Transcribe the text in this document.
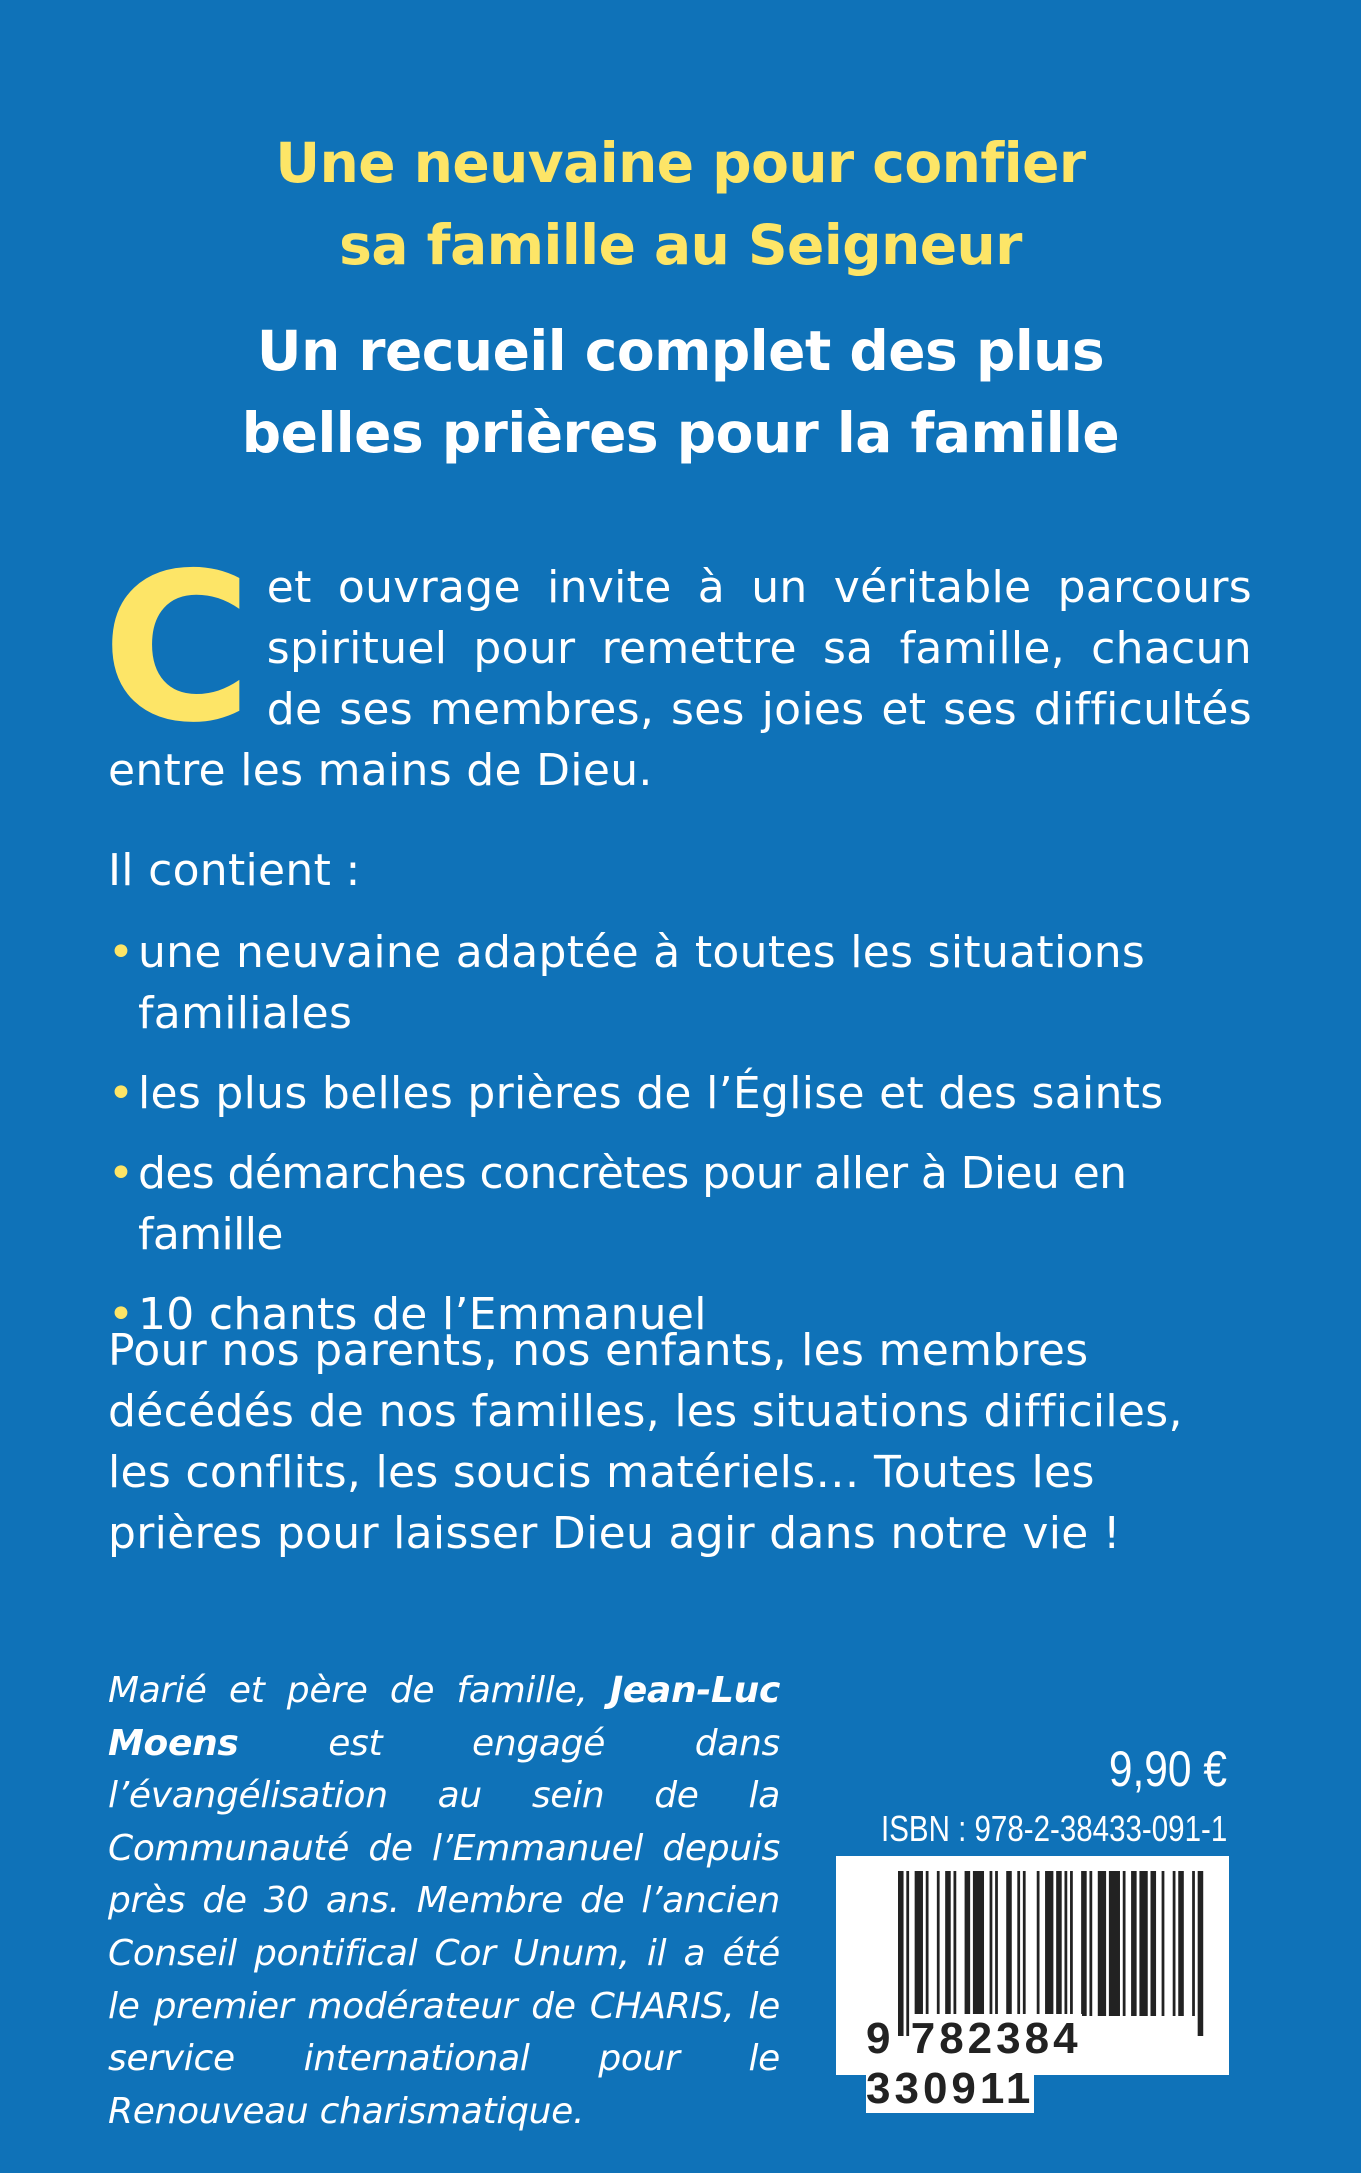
Une neuvaine pour confier
sa famille au Seigneur
Un recueil complet des plus
belles prières pour la famille
C et ouvrage invite à un véritable parcours spirituel pour remettre sa famille, chacun de ses membres, ses joies et ses difficultés entre les mains de Dieu.
Il contient :
• une neuvaine adaptée à toutes les situations familiales
• les plus belles prières de l’Église et des saints
• des démarches concrètes pour aller à Dieu en famille
• 10 chants de l’Emmanuel
Pour nos parents, nos enfants, les membres décédés de nos familles, les situations difficiles, les conflits, les soucis matériels… Toutes les prières pour laisser Dieu agir dans notre vie !
Marié et père de famille, Jean-Luc Moens est engagé dans l’évangélisation au sein de la Communauté de l’Emmanuel depuis près de 30 ans. Membre de l’ancien Conseil pontifical Cor Unum, il a été le premier modérateur de CHARIS, le service international pour le Renouveau charismatique.
9,90 €
ISBN : 978-2-38433-091-1
9 782384 330911
